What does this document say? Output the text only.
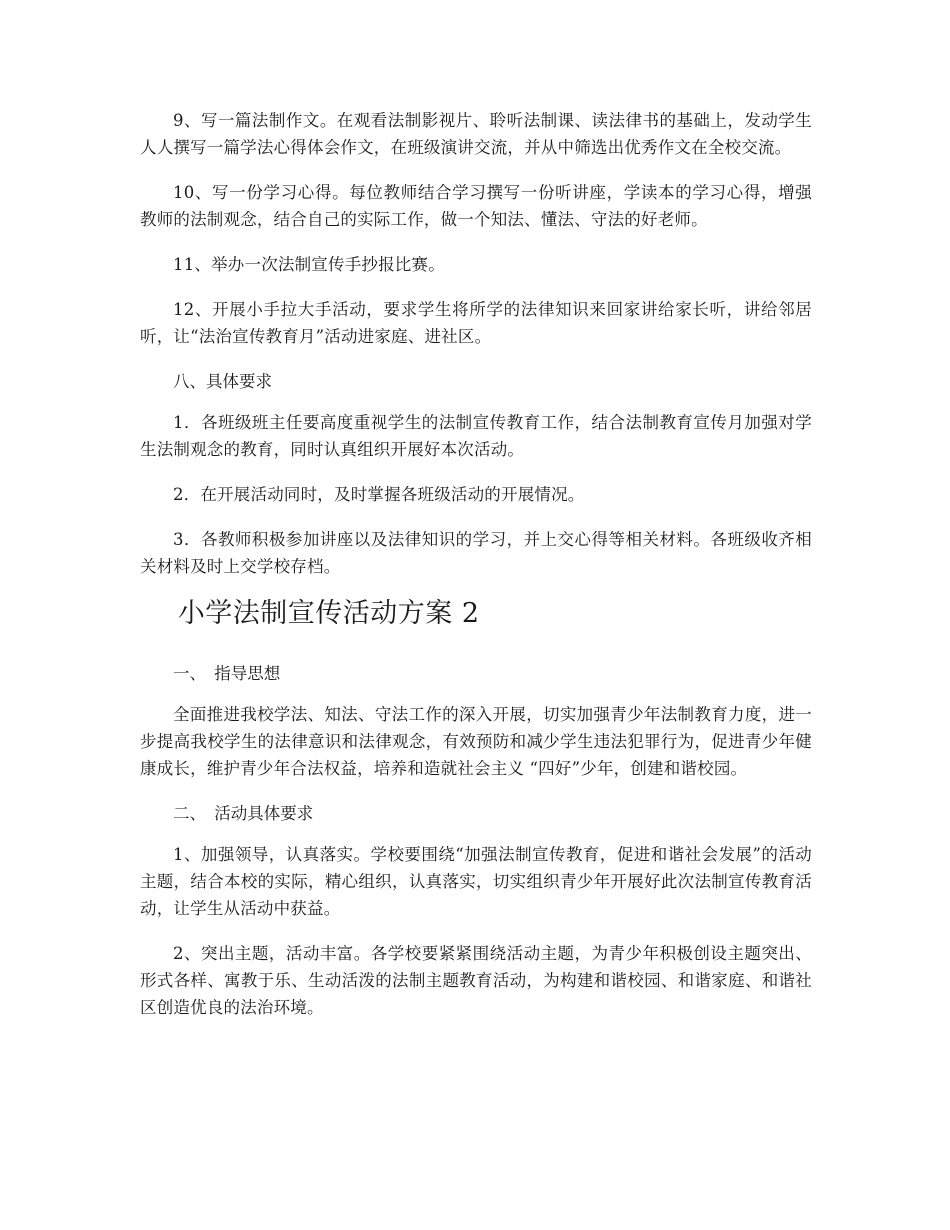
9、写一篇法制作文。在观看法制影视片、聆听法制课、读法律书的基础上，发动学生人人撰写一篇学法心得体会作文，在班级演讲交流，并从中筛选出优秀作文在全校交流。

10、写一份学习心得。每位教师结合学习撰写一份听讲座，学读本的学习心得，增强教师的法制观念，结合自己的实际工作，做一个知法、懂法、守法的好老师。

11、举办一次法制宣传手抄报比赛。

12、开展小手拉大手活动，要求学生将所学的法律知识来回家讲给家长听，讲给邻居听，让“法治宣传教育月”活动进家庭、进社区。

八、具体要求

1．各班级班主任要高度重视学生的法制宣传教育工作，结合法制教育宣传月加强对学生法制观念的教育，同时认真组织开展好本次活动。

2．在开展活动同时，及时掌握各班级活动的开展情况。

3．各教师积极参加讲座以及法律知识的学习，并上交心得等相关材料。各班级收齐相关材料及时上交学校存档。

小学法制宣传活动方案 2

一、　指导思想

全面推进我校学法、知法、守法工作的深入开展，切实加强青少年法制教育力度，进一步提高我校学生的法律意识和法律观念，有效预防和减少学生违法犯罪行为，促进青少年健康成长，维护青少年合法权益，培养和造就社会主义 “四好”少年，创建和谐校园。

二、　活动具体要求

1、加强领导，认真落实。学校要围绕“加强法制宣传教育，促进和谐社会发展”的活动主题，结合本校的实际，精心组织，认真落实，切实组织青少年开展好此次法制宣传教育活动，让学生从活动中获益。

2、突出主题，活动丰富。各学校要紧紧围绕活动主题，为青少年积极创设主题突出、形式各样、寓教于乐、生动活泼的法制主题教育活动，为构建和谐校园、和谐家庭、和谐社区创造优良的法治环境。
